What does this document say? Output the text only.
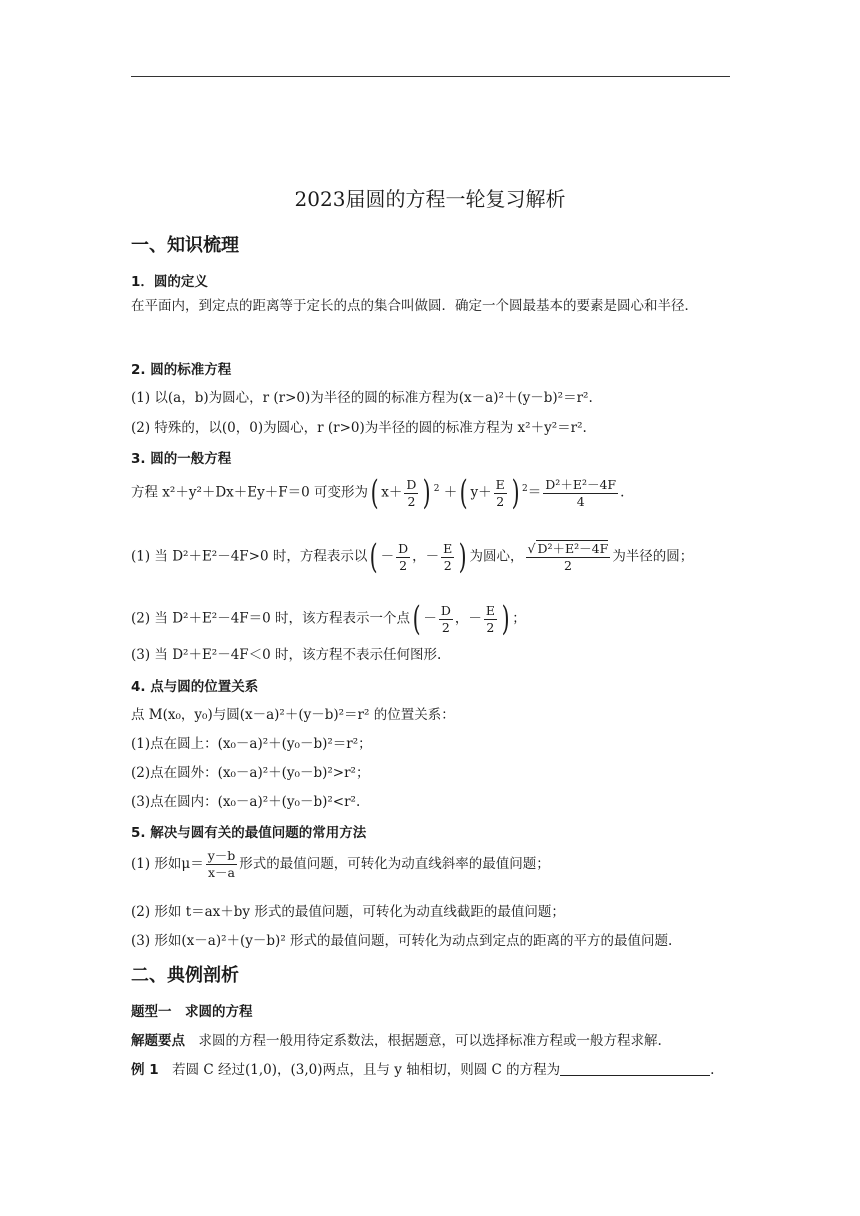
2023届圆的方程一轮复习解析
一、知识梳理
1．圆的定义
在平面内，到定点的距离等于定长的点的集合叫做圆．确定一个圆最基本的要素是圆心和半径．
2. 圆的标准方程
(1) 以(a，b)为圆心，r (r>0)为半径的圆的标准方程为(x－a)²＋(y－b)²＝r².
(2) 特殊的，以(0，0)为圆心，r (r>0)为半径的圆的标准方程为 x²＋y²＝r².
3. 圆的一般方程
方程 x²＋y²＋Dx＋Ey＋F＝0 可变形为( $x+ \frac{D}{2}$ ) $^2$ ＋( $y+ \frac{E}{2}$ ) $^2= \frac{\text{D²＋E²－4F}}{4}$ .
(1) 当 D²＋E²－4F>0 时，方程表示以( － $\frac{D}{2}$ ，－ $\frac{E}{2}$ ) 为圆心， $\frac{\text{√ D²＋E²－4F}}{2}$ 为半径的圆；
(2) 当 D²＋E²－4F＝0 时，该方程表示一个点( － $\frac{D}{2}$ ，－ $\frac{E}{2}$ ) ；
(3) 当 D²＋E²－4F＜0 时，该方程不表示任何图形.
4. 点与圆的位置关系
点 M(x₀，y₀)与圆(x－a)²＋(y－b)²＝r² 的位置关系：
(1)点在圆上：(x₀－a)²＋(y₀－b)²＝r²；
(2)点在圆外：(x₀－a)²＋(y₀－b)²>r²；
(3)点在圆内：(x₀－a)²＋(y₀－b)²<r².
5. 解决与圆有关的最值问题的常用方法
(1) 形如$\mu= \frac{y-b}{x-a}$ 形式的最值问题，可转化为动直线斜率的最值问题；
(2) 形如 t＝ax＋by 形式的最值问题，可转化为动直线截距的最值问题；
(3) 形如(x－a)²＋(y－b)² 形式的最值问题，可转化为动点到定点的距离的平方的最值问题.
二、典例剖析
题型一　求圆的方程
解题要点　 求圆的方程一般用待定系数法，根据题意，可以选择标准方程或一般方程求解.
例 1　 若圆 C 经过(1,0)，(3,0)两点，且与 y 轴相切，则圆 C 的方程为	.
